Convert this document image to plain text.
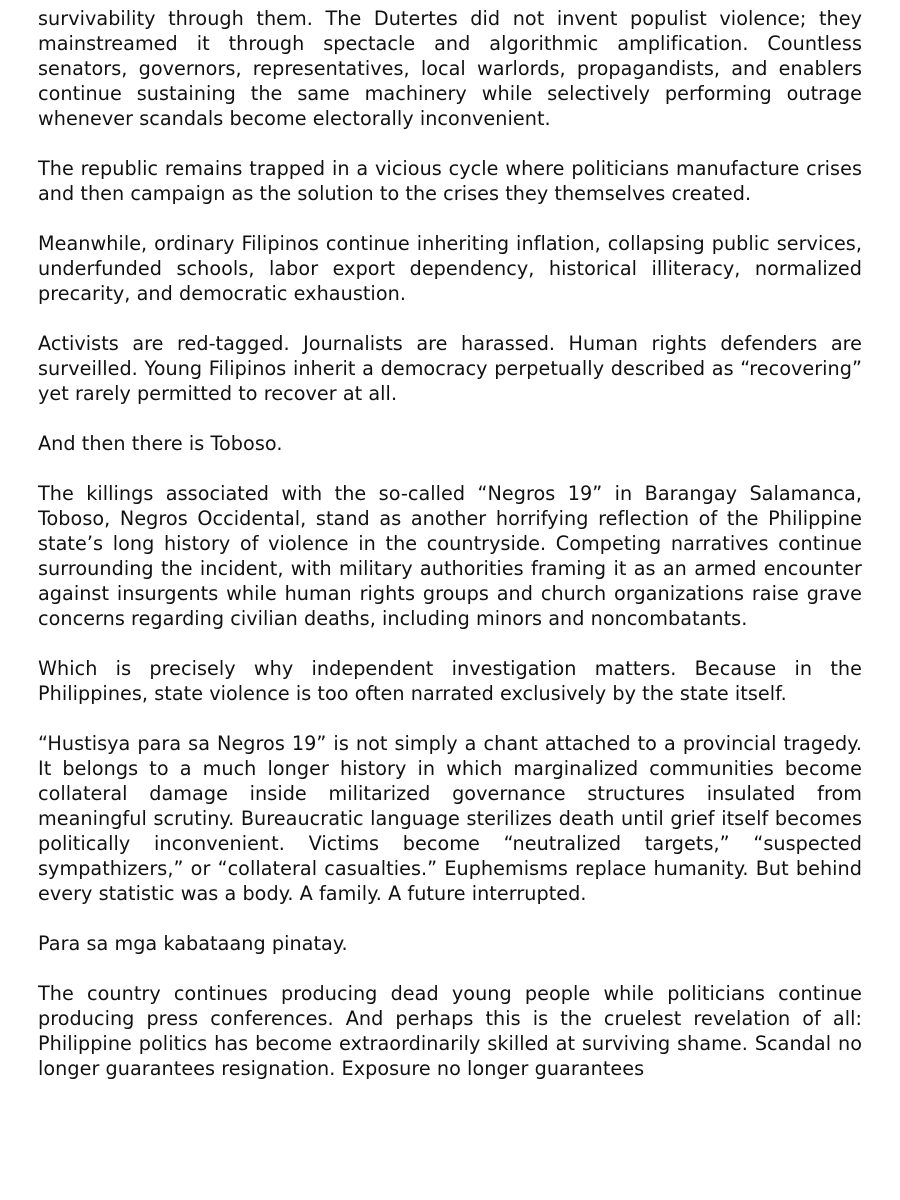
survivability through them. The Dutertes did not invent populist violence; they mainstreamed it through spectacle and algorithmic amplification. Countless senators, governors, representatives, local warlords, propagandists, and enablers continue sustaining the same machinery while selectively performing outrage whenever scandals become electorally inconvenient.

The republic remains trapped in a vicious cycle where politicians manufacture crises and then campaign as the solution to the crises they themselves created.

Meanwhile, ordinary Filipinos continue inheriting inflation, collapsing public services, underfunded schools, labor export dependency, historical illiteracy, normalized precarity, and democratic exhaustion.

Activists are red-tagged. Journalists are harassed. Human rights defenders are surveilled. Young Filipinos inherit a democracy perpetually described as “recovering” yet rarely permitted to recover at all.

And then there is Toboso.

The killings associated with the so-called “Negros 19” in Barangay Salamanca, Toboso, Negros Occidental, stand as another horrifying reflection of the Philippine state’s long history of violence in the countryside. Competing narratives continue surrounding the incident, with military authorities framing it as an armed encounter against insurgents while human rights groups and church organizations raise grave concerns regarding civilian deaths, including minors and noncombatants.

Which is precisely why independent investigation matters. Because in the Philippines, state violence is too often narrated exclusively by the state itself.

“Hustisya para sa Negros 19” is not simply a chant attached to a provincial tragedy. It belongs to a much longer history in which marginalized communities become collateral damage inside militarized governance structures insulated from meaningful scrutiny. Bureaucratic language sterilizes death until grief itself becomes politically inconvenient. Victims become “neutralized targets,” “suspected sympathizers,” or “collateral casualties.” Euphemisms replace humanity. But behind every statistic was a body. A family. A future interrupted.

Para sa mga kabataang pinatay.

The country continues producing dead young people while politicians continue producing press conferences. And perhaps this is the cruelest revelation of all: Philippine politics has become extraordinarily skilled at surviving shame. Scandal no longer guarantees resignation. Exposure no longer guarantees
